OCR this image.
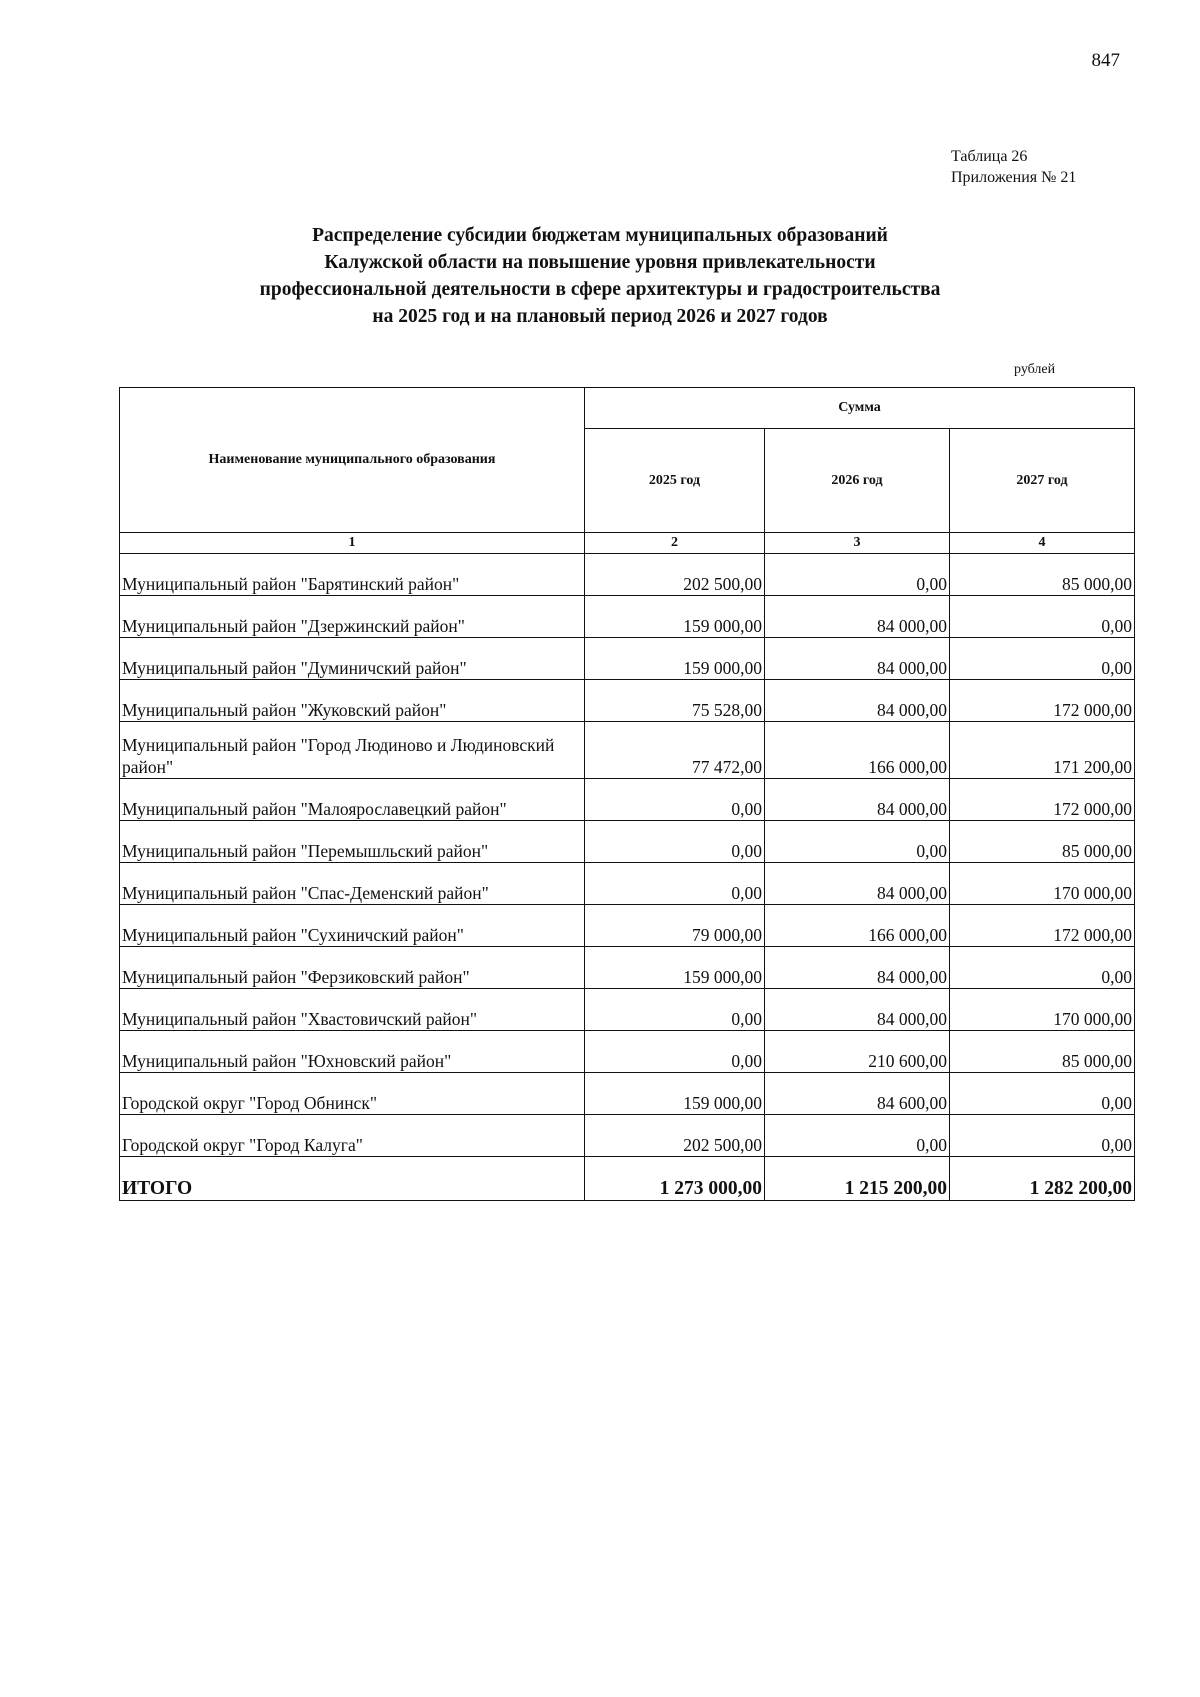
847
Таблица 26
Приложения № 21
Распределение субсидии бюджетам муниципальных образований
Калужской области на повышение уровня привлекательности
профессиональной деятельности в сфере архитектуры и градостроительства
на 2025 год и на плановый период 2026 и 2027 годов
рублей
Наименование муниципального образования	Сумма		
	2025 год	2026 год	2027 год
1	2	3	4
Муниципальный район "Барятинский район"	202 500,00	0,00	85 000,00
Муниципальный район "Дзержинский район"	159 000,00	84 000,00	0,00
Муниципальный район "Думиничский район"	159 000,00	84 000,00	0,00
Муниципальный район "Жуковский район"	75 528,00	84 000,00	172 000,00
Муниципальный район "Город Людиново и Людиновский район"	77 472,00	166 000,00	171 200,00
Муниципальный район "Малоярославецкий район"	0,00	84 000,00	172 000,00
Муниципальный район "Перемышльский район"	0,00	0,00	85 000,00
Муниципальный район "Спас-Деменский район"	0,00	84 000,00	170 000,00
Муниципальный район "Сухиничский район"	79 000,00	166 000,00	172 000,00
Муниципальный район "Ферзиковский район"	159 000,00	84 000,00	0,00
Муниципальный район "Хвастовичский район"	0,00	84 000,00	170 000,00
Муниципальный район "Юхновский район"	0,00	210 600,00	85 000,00
Городской округ "Город Обнинск"	159 000,00	84 600,00	0,00
Городской округ "Город Калуга"	202 500,00	0,00	0,00
ИТОГО	1 273 000,00	1 215 200,00	1 282 200,00
